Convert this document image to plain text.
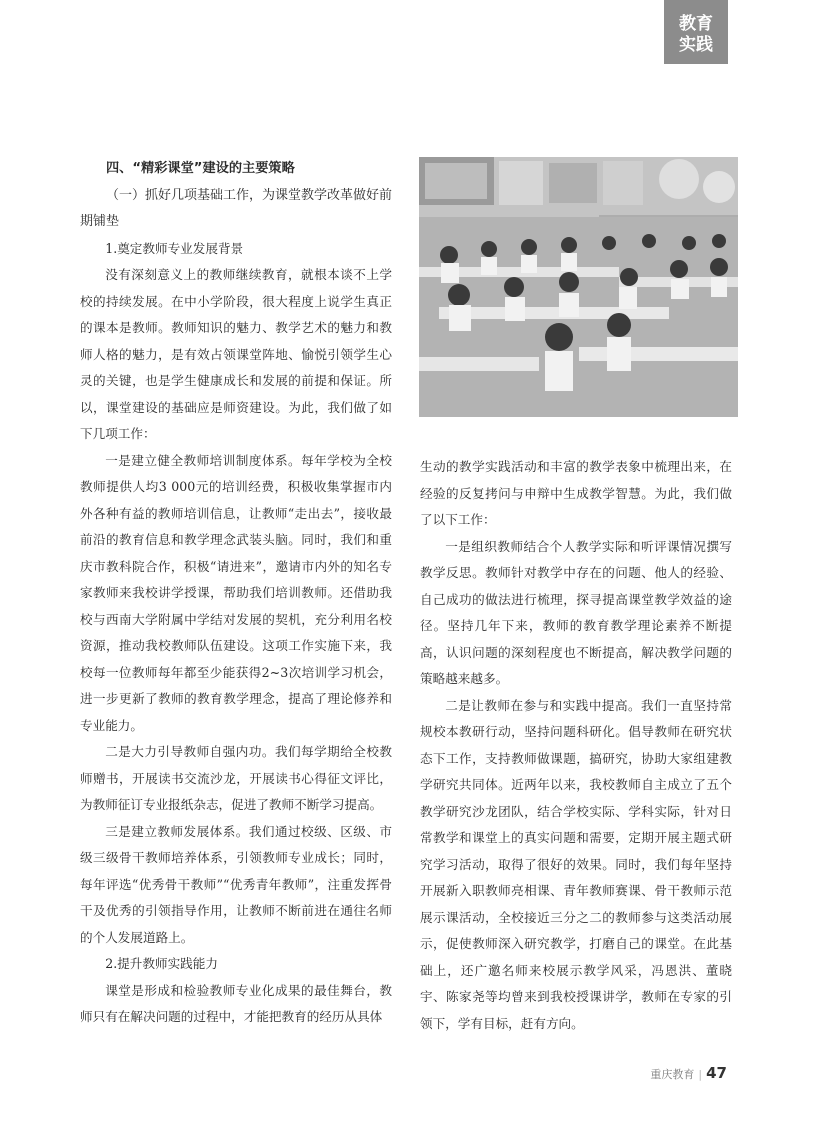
教育
实践

四、“精彩课堂”建设的主要策略

（一）抓好几项基础工作，为课堂教学改革做好前期铺垫

1.奠定教师专业发展背景

没有深刻意义上的教师继续教育，就根本谈不上学校的持续发展。在中小学阶段，很大程度上说学生真正的课本是教师。教师知识的魅力、教学艺术的魅力和教师人格的魅力，是有效占领课堂阵地、愉悦引领学生心灵的关键，也是学生健康成长和发展的前提和保证。所以，课堂建设的基础应是师资建设。为此，我们做了如下几项工作：

一是建立健全教师培训制度体系。每年学校为全校教师提供人均3 000元的培训经费，积极收集掌握市内外各种有益的教师培训信息，让教师“走出去”，接收最前沿的教育信息和教学理念武装头脑。同时，我们和重庆市教科院合作，积极“请进来”，邀请市内外的知名专家教师来我校讲学授课，帮助我们培训教师。还借助我校与西南大学附属中学结对发展的契机，充分利用名校资源，推动我校教师队伍建设。这项工作实施下来，我校每一位教师每年都至少能获得2~3次培训学习机会，进一步更新了教师的教育教学理念，提高了理论修养和专业能力。

二是大力引导教师自强内功。我们每学期给全校教师赠书，开展读书交流沙龙，开展读书心得征文评比，为教师征订专业报纸杂志，促进了教师不断学习提高。

三是建立教师发展体系。我们通过校级、区级、市级三级骨干教师培养体系，引领教师专业成长；同时，每年评选“优秀骨干教师”“优秀青年教师”，注重发挥骨干及优秀的引领指导作用，让教师不断前进在通往名师的个人发展道路上。

2.提升教师实践能力

课堂是形成和检验教师专业化成果的最佳舞台，教师只有在解决问题的过程中，才能把教育的经历从具体

生动的教学实践活动和丰富的教学表象中梳理出来，在经验的反复拷问与申辩中生成教学智慧。为此，我们做了以下工作：

一是组织教师结合个人教学实际和听评课情况撰写教学反思。教师针对教学中存在的问题、他人的经验、自己成功的做法进行梳理，探寻提高课堂教学效益的途径。坚持几年下来，教师的教育教学理论素养不断提高，认识问题的深刻程度也不断提高，解决教学问题的策略越来越多。

二是让教师在参与和实践中提高。我们一直坚持常规校本教研行动，坚持问题科研化。倡导教师在研究状态下工作，支持教师做课题，搞研究，协助大家组建教学研究共同体。近两年以来，我校教师自主成立了五个教学研究沙龙团队，结合学校实际、学科实际，针对日常教学和课堂上的真实问题和需要，定期开展主题式研究学习活动，取得了很好的效果。同时，我们每年坚持开展新入职教师亮相课、青年教师赛课、骨干教师示范展示课活动，全校接近三分之二的教师参与这类活动展示，促使教师深入研究教学，打磨自己的课堂。在此基础上，还广邀名师来校展示教学风采，冯恩洪、董晓宇、陈家尧等均曾来到我校授课讲学，教师在专家的引领下，学有目标，赶有方向。

重庆教育 | 47
